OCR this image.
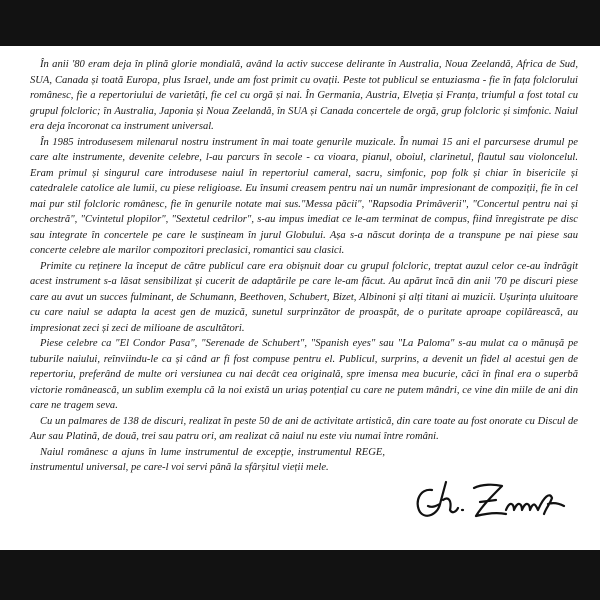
În anii '80 eram deja în plină glorie mondială, având la activ succese delirante în Australia, Noua Zeelandă, Africa de Sud, SUA, Canada și toată Europa, plus Israel, unde am fost primit cu ovații. Peste tot publicul se entuziasma - fie în fața folclorului românesc, fie a repertoriului de varietăți, fie cel cu orgă și nai. În Germania, Austria, Elveția și Franța, triumful a fost total cu grupul folcloric; în Australia, Japonia și Noua Zeelandă, în SUA și Canada concertele de orgă, grup folcloric și simfonic. Naiul era deja încoronat ca instrument universal.

În 1985 introdusesem milenarul nostru instrument în mai toate genurile muzicale. În numai 15 ani el parcursese drumul pe care alte instrumente, devenite celebre, l-au parcurs în secole - ca vioara, pianul, oboiul, clarinetul, flautul sau violoncelul. Eram primul și singurul care introdusese naiul în repertoriul cameral, sacru, simfonic, pop folk și chiar în bisericile și catedralele catolice ale lumii, cu piese religioase. Eu însumi creasem pentru nai un număr impresionant de compoziții, fie în cel mai pur stil folcloric românesc, fie în genurile notate mai sus."Messa păcii", "Rapsodia Primăverii", "Concertul pentru nai și orchestră", "Cvintetul plopilor", "Sextetul cedrilor", s-au impus imediat ce le-am terminat de compus, fiind înregistrate pe disc sau integrate în concertele pe care le susțineam în jurul Globului. Așa s-a născut dorința de a transpune pe nai piese sau concerte celebre ale marilor compozitori preclasici, romantici sau clasici.

Primite cu reținere la început de către publicul care era obișnuit doar cu grupul folcloric, treptat auzul celor ce-au îndrăgit acest instrument s-a lăsat sensibilizat și cucerit de adaptările pe care le-am făcut. Au apărut încă din anii '70 pe discuri piese care au avut un succes fulminant, de Schumann, Beethoven, Schubert, Bizet, Albinoni și alți titani ai muzicii. Ușurința uluitoare cu care naiul se adapta la acest gen de muzică, sunetul surprinzător de proaspăt, de o puritate aproape copilărească, au impresionat zeci și zeci de milioane de ascultători.

Piese celebre ca "El Condor Pasa", "Serenade de Schubert", "Spanish eyes" sau "La Paloma" s-au mulat ca o mănușă pe tuburile naiului, reînviindu-le ca și când ar fi fost compuse pentru el. Publicul, surprins, a devenit un fidel al acestui gen de repertoriu, preferând de multe ori versiunea cu nai decât cea originală, spre imensa mea bucurie, căci în final era o superbă victorie românească, un sublim exemplu că la noi există un uriaș potențial cu care ne putem mândri, ce vine din miile de ani din care ne tragem seva.

Cu un palmares de 138 de discuri, realizat în peste 50 de ani de activitate artistică, din care toate au fost onorate cu Discul de Aur sau Platină, de două, trei sau patru ori, am realizat că naiul nu este viu numai între români.

Naiul românesc a ajuns în lume instrumentul de excepție, instrumentul REGE, instrumentul universal, pe care-l voi servi până la sfârșitul vieții mele.
